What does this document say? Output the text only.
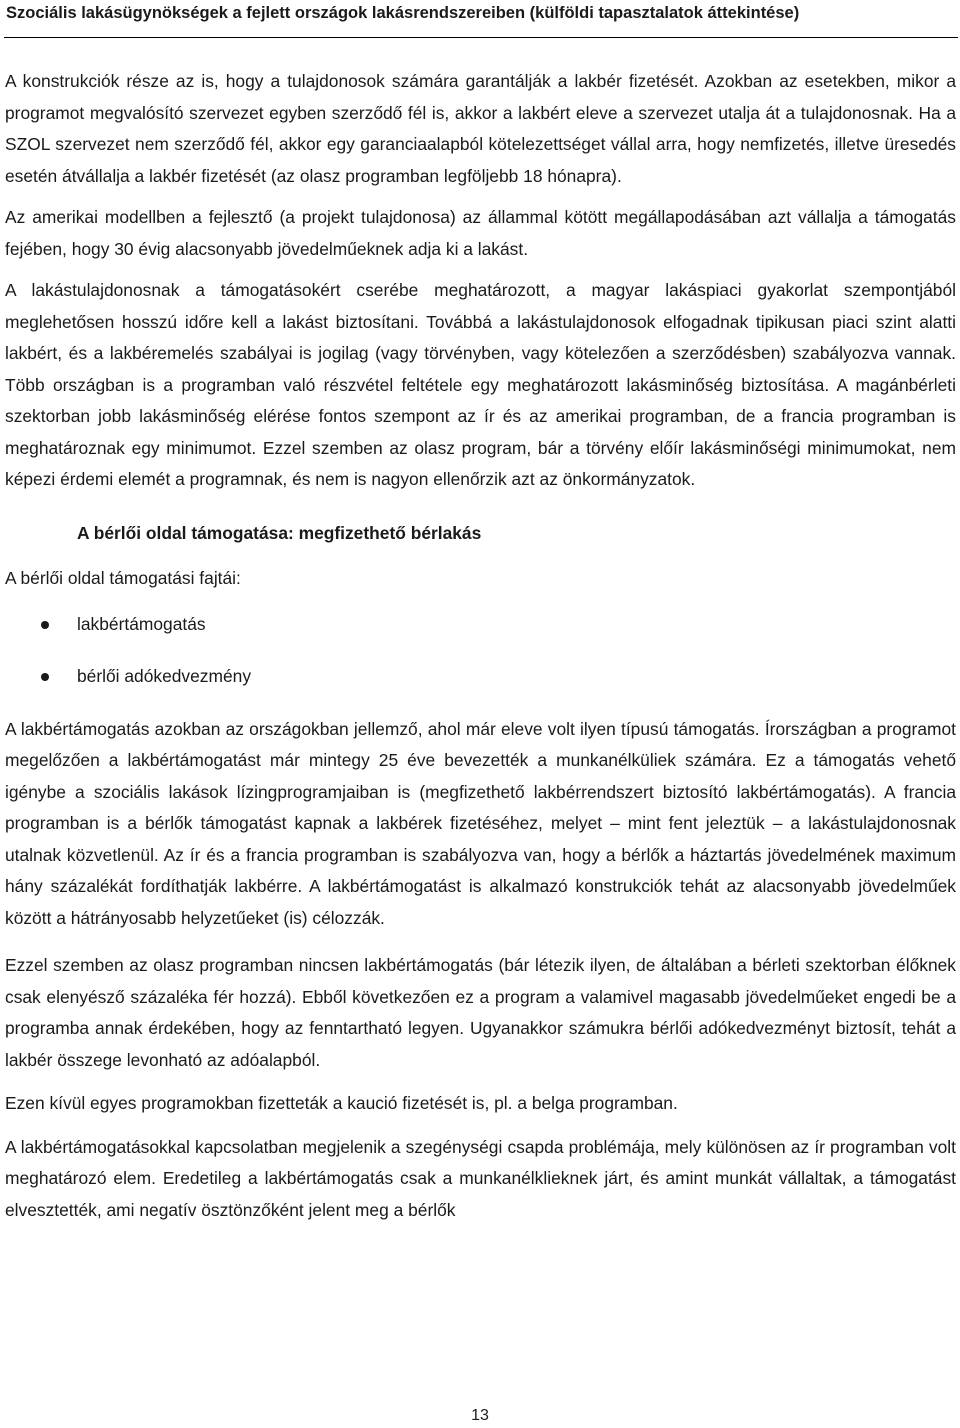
Szociális lakásügynökségek a fejlett országok lakásrendszereiben (külföldi tapasztalatok áttekintése)

A konstrukciók része az is, hogy a tulajdonosok számára garantálják a lakbér fizetését. Azokban az esetekben, mikor a programot megvalósító szervezet egyben szerződő fél is, akkor a lakbért eleve a szervezet utalja át a tulajdonosnak. Ha a SZOL szervezet nem szerződő fél, akkor egy garanciaalapból kötelezettséget vállal arra, hogy nemfizetés, illetve üresedés esetén átvállalja a lakbér fizetését (az olasz programban legföljebb 18 hónapra).

Az amerikai modellben a fejlesztő (a projekt tulajdonosa) az állammal kötött megállapodásában azt vállalja a támogatás fejében, hogy 30 évig alacsonyabb jövedelműeknek adja ki a lakást.

A lakástulajdonosnak a támogatásokért cserébe meghatározott, a magyar lakáspiaci gyakorlat szempontjából meglehetősen hosszú időre kell a lakást biztosítani. Továbbá a lakástulajdonosok elfogadnak tipikusan piaci szint alatti lakbért, és a lakbéremelés szabályai is jogilag (vagy törvényben, vagy kötelezően a szerződésben) szabályozva vannak. Több országban is a programban való részvétel feltétele egy meghatározott lakásminőség biztosítása. A magánbérleti szektorban jobb lakásminőség elérése fontos szempont az ír és az amerikai programban, de a francia programban is meghatároznak egy minimumot. Ezzel szemben az olasz program, bár a törvény előír lakásminőségi minimumokat, nem képezi érdemi elemét a programnak, és nem is nagyon ellenőrzik azt az önkormányzatok.

A bérlői oldal támogatása: megfizethető bérlakás

A bérlői oldal támogatási fajtái:

lakbértámogatás
bérlői adókedvezmény

A lakbértámogatás azokban az országokban jellemző, ahol már eleve volt ilyen típusú támogatás. Írországban a programot megelőzően a lakbértámogatást már mintegy 25 éve bevezették a munkanélküliek számára. Ez a támogatás vehető igénybe a szociális lakások lízingprogramjaiban is (megfizethető lakbérrendszert biztosító lakbértámogatás). A francia programban is a bérlők támogatást kapnak a lakbérek fizetéséhez, melyet – mint fent jeleztük – a lakástulajdonosnak utalnak közvetlenül. Az ír és a francia programban is szabályozva van, hogy a bérlők a háztartás jövedelmének maximum hány százalékát fordíthatják lakbérre. A lakbértámogatást is alkalmazó konstrukciók tehát az alacsonyabb jövedelműek között a hátrányosabb helyzetűeket (is) célozzák.

Ezzel szemben az olasz programban nincsen lakbértámogatás (bár létezik ilyen, de általában a bérleti szektorban élőknek csak elenyésző százaléka fér hozzá). Ebből következően ez a program a valamivel magasabb jövedelműeket engedi be a programba annak érdekében, hogy az fenntartható legyen. Ugyanakkor számukra bérlői adókedvezményt biztosít, tehát a lakbér összege levonható az adóalapból.

Ezen kívül egyes programokban fizetteták a kaució fizetését is, pl. a belga programban.

A lakbértámogatásokkal kapcsolatban megjelenik a szegénységi csapda problémája, mely különösen az ír programban volt meghatározó elem. Eredetileg a lakbértámogatás csak a munkanélklieknek járt, és amint munkát vállaltak, a támogatást elvesztették, ami negatív ösztönzőként jelent meg a bérlők

13
